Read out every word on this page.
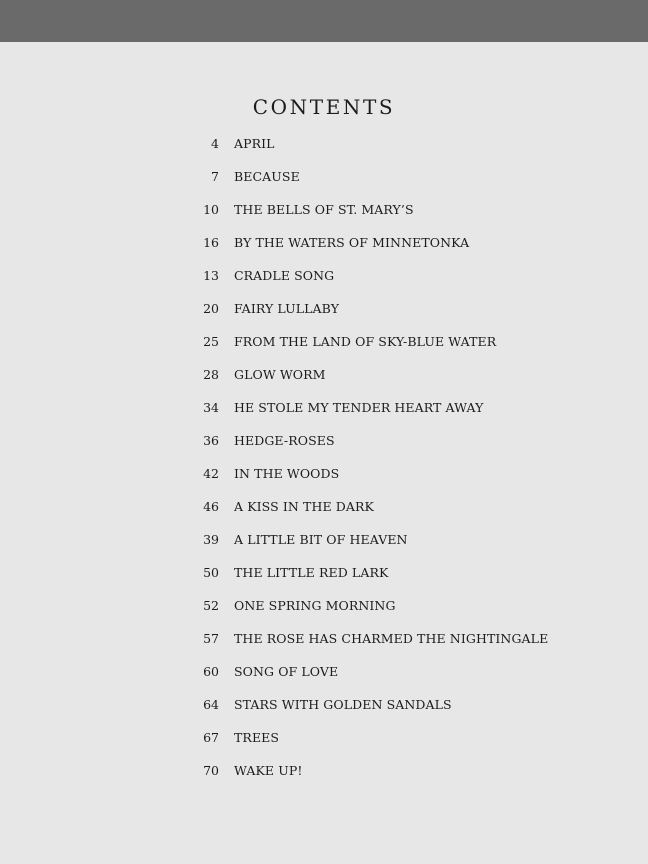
CONTENTS
4 APRIL
7 BECAUSE
10 THE BELLS OF ST. MARY’S
16 BY THE WATERS OF MINNETONKA
13 CRADLE SONG
20 FAIRY LULLABY
25 FROM THE LAND OF SKY-BLUE WATER
28 GLOW WORM
34 HE STOLE MY TENDER HEART AWAY
36 HEDGE-ROSES
42 IN THE WOODS
46 A KISS IN THE DARK
39 A LITTLE BIT OF HEAVEN
50 THE LITTLE RED LARK
52 ONE SPRING MORNING
57 THE ROSE HAS CHARMED THE NIGHTINGALE
60 SONG OF LOVE
64 STARS WITH GOLDEN SANDALS
67 TREES
70 WAKE UP!
